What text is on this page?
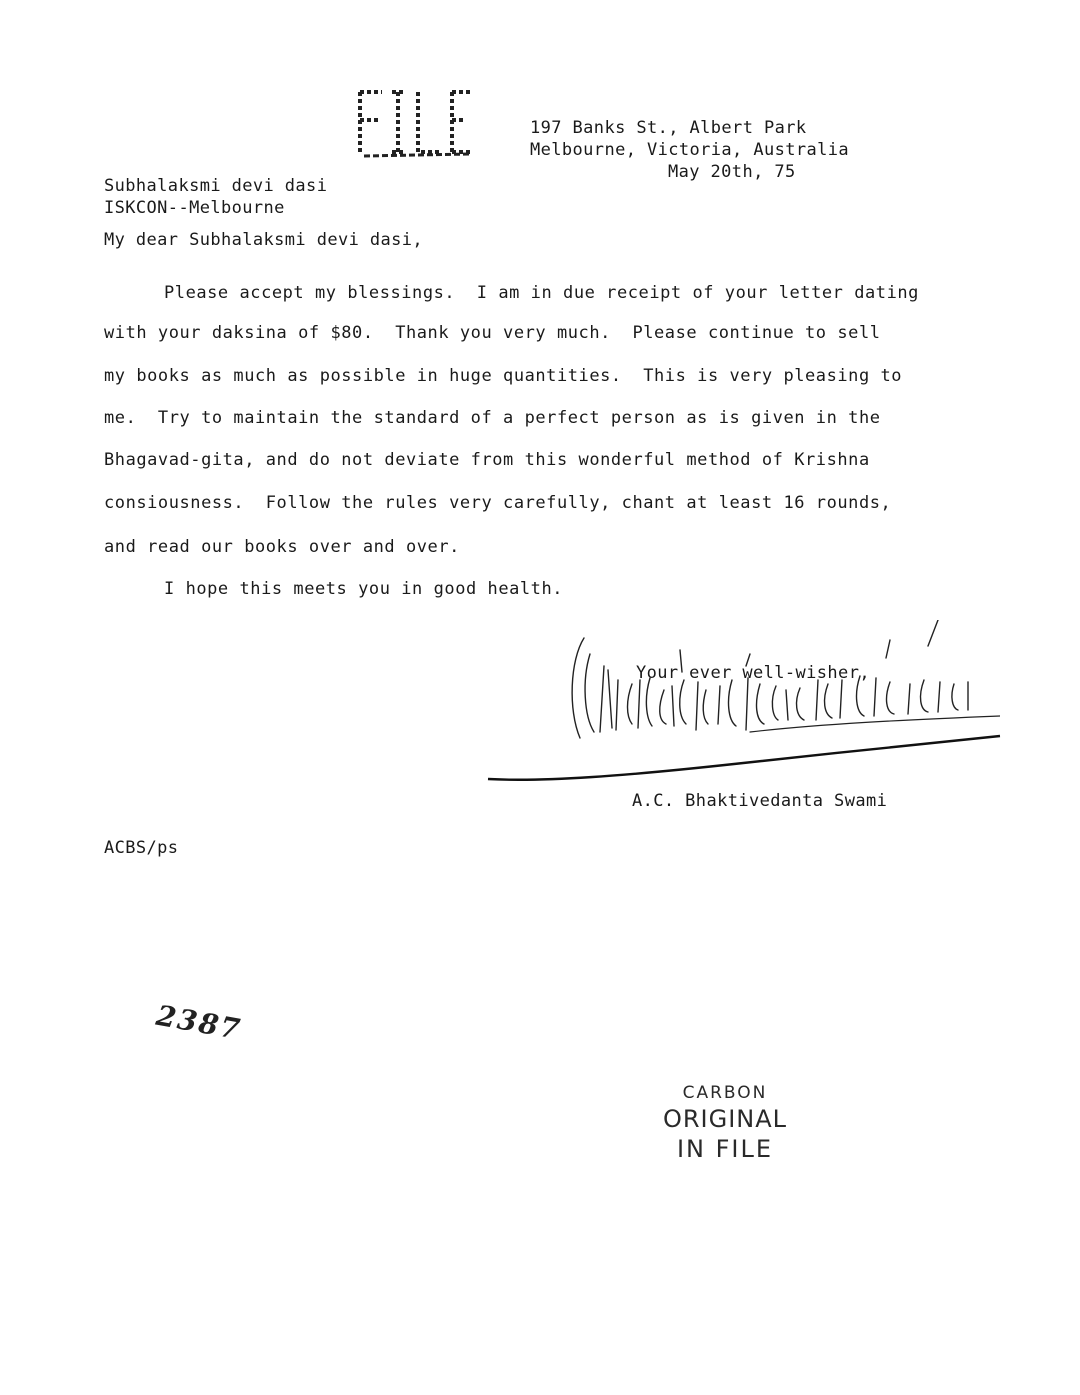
197 Banks St., Albert Park
Melbourne, Victoria, Australia
May 20th, 75
Subhalaksmi devi dasi
ISKCON--Melbourne
My dear Subhalaksmi devi dasi,
Please accept my blessings.  I am in due receipt of your letter dating
with your daksina of $80.  Thank you very much.  Please continue to sell
my books as much as possible in huge quantities.  This is very pleasing to
me.  Try to maintain the standard of a perfect person as is given in the
Bhagavad-gita, and do not deviate from this wonderful method of Krishna
consiousness.  Follow the rules very carefully, chant at least 16 rounds,
and read our books over and over.
I hope this meets you in good health.
Your ever well-wisher,
A.C. Bhaktivedanta Swami
ACBS/ps
2387
CARBON
ORIGINAL
IN FILE
